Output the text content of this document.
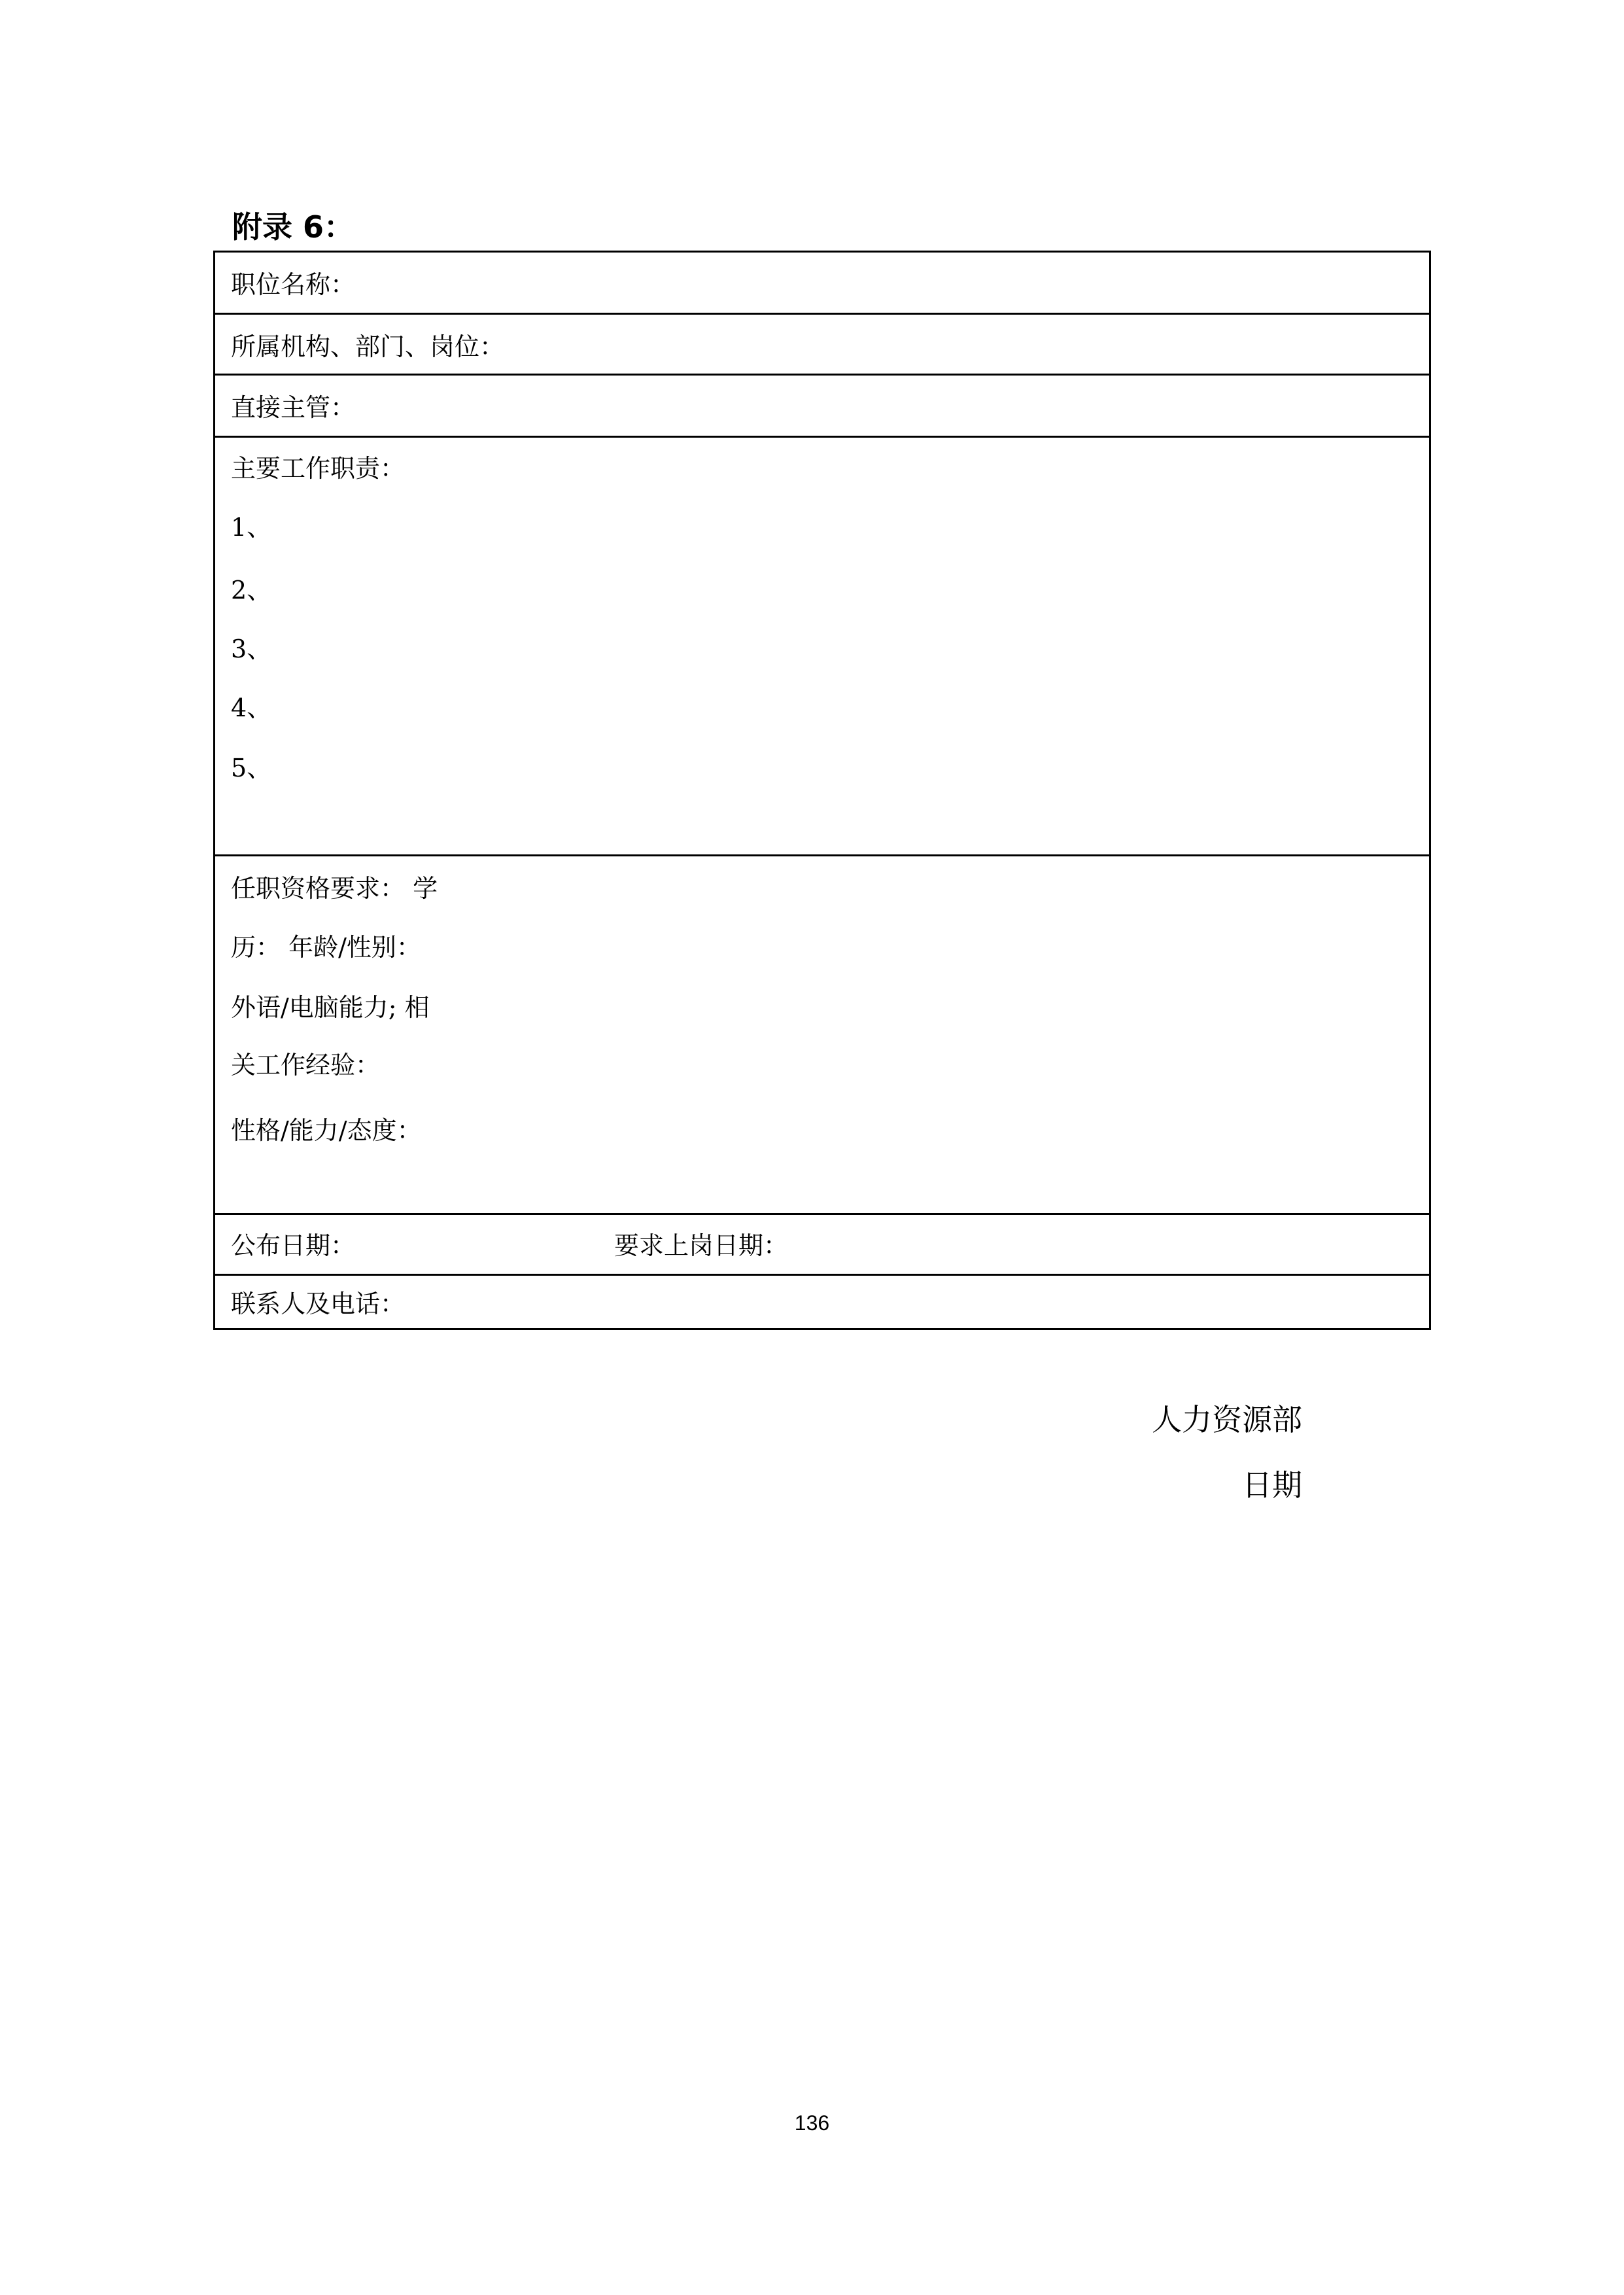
附录 6：
职位名称：
所属机构、部门、岗位：
直接主管：
主要工作职责：
1、
2、
3、
4、
5、
任职资格要求： 学
历： 年龄/性别：
外语/电脑能力; 相
关工作经验：
性格/能力/态度：
公布日期：	要求上岗日期：
联系人及电话：
人力资源部
日期
136
